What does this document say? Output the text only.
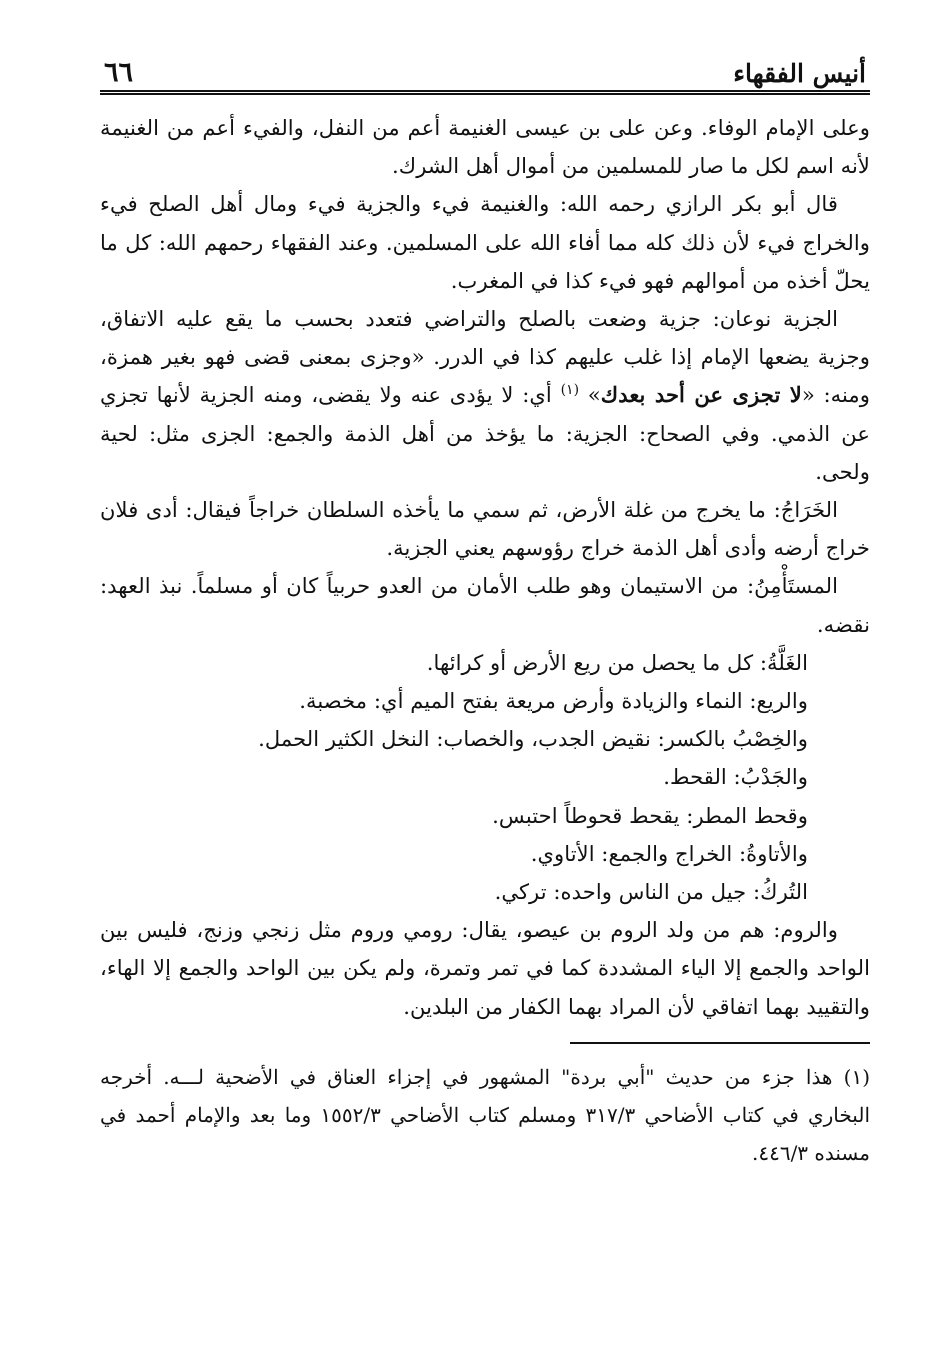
أنيس الفقهاء
٦٦

وعلى الإمام الوفاء. وعن على بن عيسى الغنيمة أعم من النفل، والفيء أعم من الغنيمة لأنه اسم لكل ما صار للمسلمين من أموال أهل الشرك.

قال أبو بكر الرازي رحمه الله: والغنيمة فيء والجزية فيء ومال أهل الصلح فيء والخراج فيء لأن ذلك كله مما أفاء الله على المسلمين. وعند الفقهاء رحمهم الله: كل ما يحلّ أخذه من أموالهم فهو فيء كذا في المغرب.

الجزية نوعان: جزية وضعت بالصلح والتراضي فتعدد بحسب ما يقع عليه الاتفاق، وجزية يضعها الإمام إذا غلب عليهم كذا في الدرر. «وجزى بمعنى قضى فهو بغير همزة، ومنه: «لا تجزى عن أحد بعدك» $^{(١)}$ أي: لا يؤدى عنه ولا يقضى، ومنه الجزية لأنها تجزي عن الذمي. وفي الصحاح: الجزية: ما يؤخذ من أهل الذمة والجمع: الجزى مثل: لحية ولحى.

الخَرَاجُ: ما يخرج من غلة الأرض، ثم سمي ما يأخذه السلطان خراجاً فيقال: أدى فلان خراج أرضه وأدى أهل الذمة خراج رؤوسهم يعني الجزية.

المستَأْمِنُ: من الاستيمان وهو طلب الأمان من العدو حربياً كان أو مسلماً. نبذ العهد: نقضه.

الغَلَّةُ: كل ما يحصل من ريع الأرض أو كرائها.

والريع: النماء والزيادة وأرض مريعة بفتح الميم أي: مخصبة.

والخِصْبُ بالكسر: نقيض الجدب، والخصاب: النخل الكثير الحمل.

والجَدْبُ: القحط.

وقحط المطر: يقحط قحوطاً احتبس.

والأتاوةُ: الخراج والجمع: الأتاوي.

التُركُ: جيل من الناس واحده: تركي.

والروم: هم من ولد الروم بن عيصو، يقال: رومي وروم مثل زنجي وزنج، فليس بين الواحد والجمع إلا الياء المشددة كما في تمر وتمرة، ولم يكن بين الواحد والجمع إلا الهاء، والتقييد بهما اتفاقي لأن المراد بهما الكفار من البلدين.

(١) هذا جزء من حديث "أبي بردة" المشهور في إجزاء العناق في الأضحية لـــه. أخرجه البخاري في كتاب الأضاحي ٣١٧/٣ ومسلم كتاب الأضاحي ١٥٥٢/٣ وما بعد والإمام أحمد في مسنده ٤٤٦/٣.
